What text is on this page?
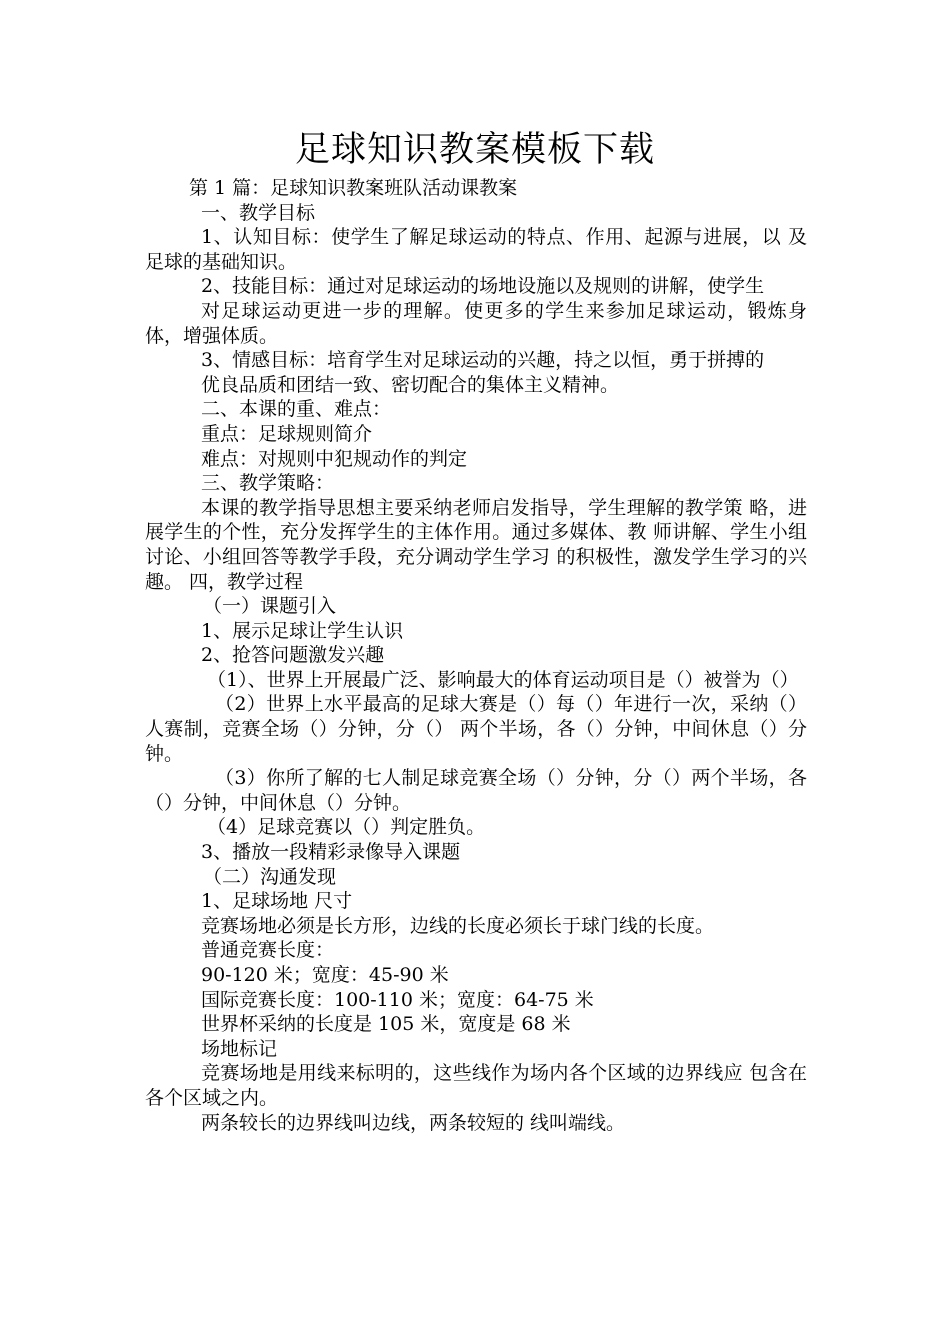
足球知识教案模板下载

第 1 篇：足球知识教案班队活动课教案

一、教学目标

1、认知目标：使学生了解足球运动的特点、作用、起源与进展，以 及足球的基础知识。

2、技能目标：通过对足球运动的场地设施以及规则的讲解，使学生

对足球运动更进一步的理解。使更多的学生来参加足球运动，锻炼身体，增强体质。

3、情感目标：培育学生对足球运动的兴趣，持之以恒，勇于拼搏的

优良品质和团结一致、密切配合的集体主义精神。

二、本课的重、难点：

重点：足球规则简介

难点：对规则中犯规动作的判定

三、教学策略：

本课的教学指导思想主要采纳老师启发指导，学生理解的教学策 略，进展学生的个性，充分发挥学生的主体作用。通过多媒体、教 师讲解、学生小组讨论、小组回答等教学手段，充分调动学生学习 的积极性，激发学生学习的兴趣。 四，教学过程

（一）课题引入

1、展示足球让学生认识

2、抢答问题激发兴趣

（1）、世界上开展最广泛、影响最大的体育运动项目是（）被誉为（）

（2）世界上水平最高的足球大赛是（）每（）年进行一次，采纳（）人赛制，竞赛全场（）分钟，分（） 两个半场，各（）分钟，中间休息（）分钟。

（3）你所了解的七人制足球竞赛全场（）分钟，分（）两个半场，各（）分钟，中间休息（）分钟。

（4）足球竞赛以（）判定胜负。

3、播放一段精彩录像导入课题

（二）沟通发现

1、足球场地 尺寸

竞赛场地必须是长方形，边线的长度必须长于球门线的长度。

普通竞赛长度：

90-120 米；宽度：45-90 米

国际竞赛长度：100-110 米；宽度：64-75 米

世界杯采纳的长度是 105 米，宽度是 68 米

场地标记

竞赛场地是用线来标明的，这些线作为场内各个区域的边界线应 包含在各个区域之内。

两条较长的边界线叫边线，两条较短的 线叫端线。
